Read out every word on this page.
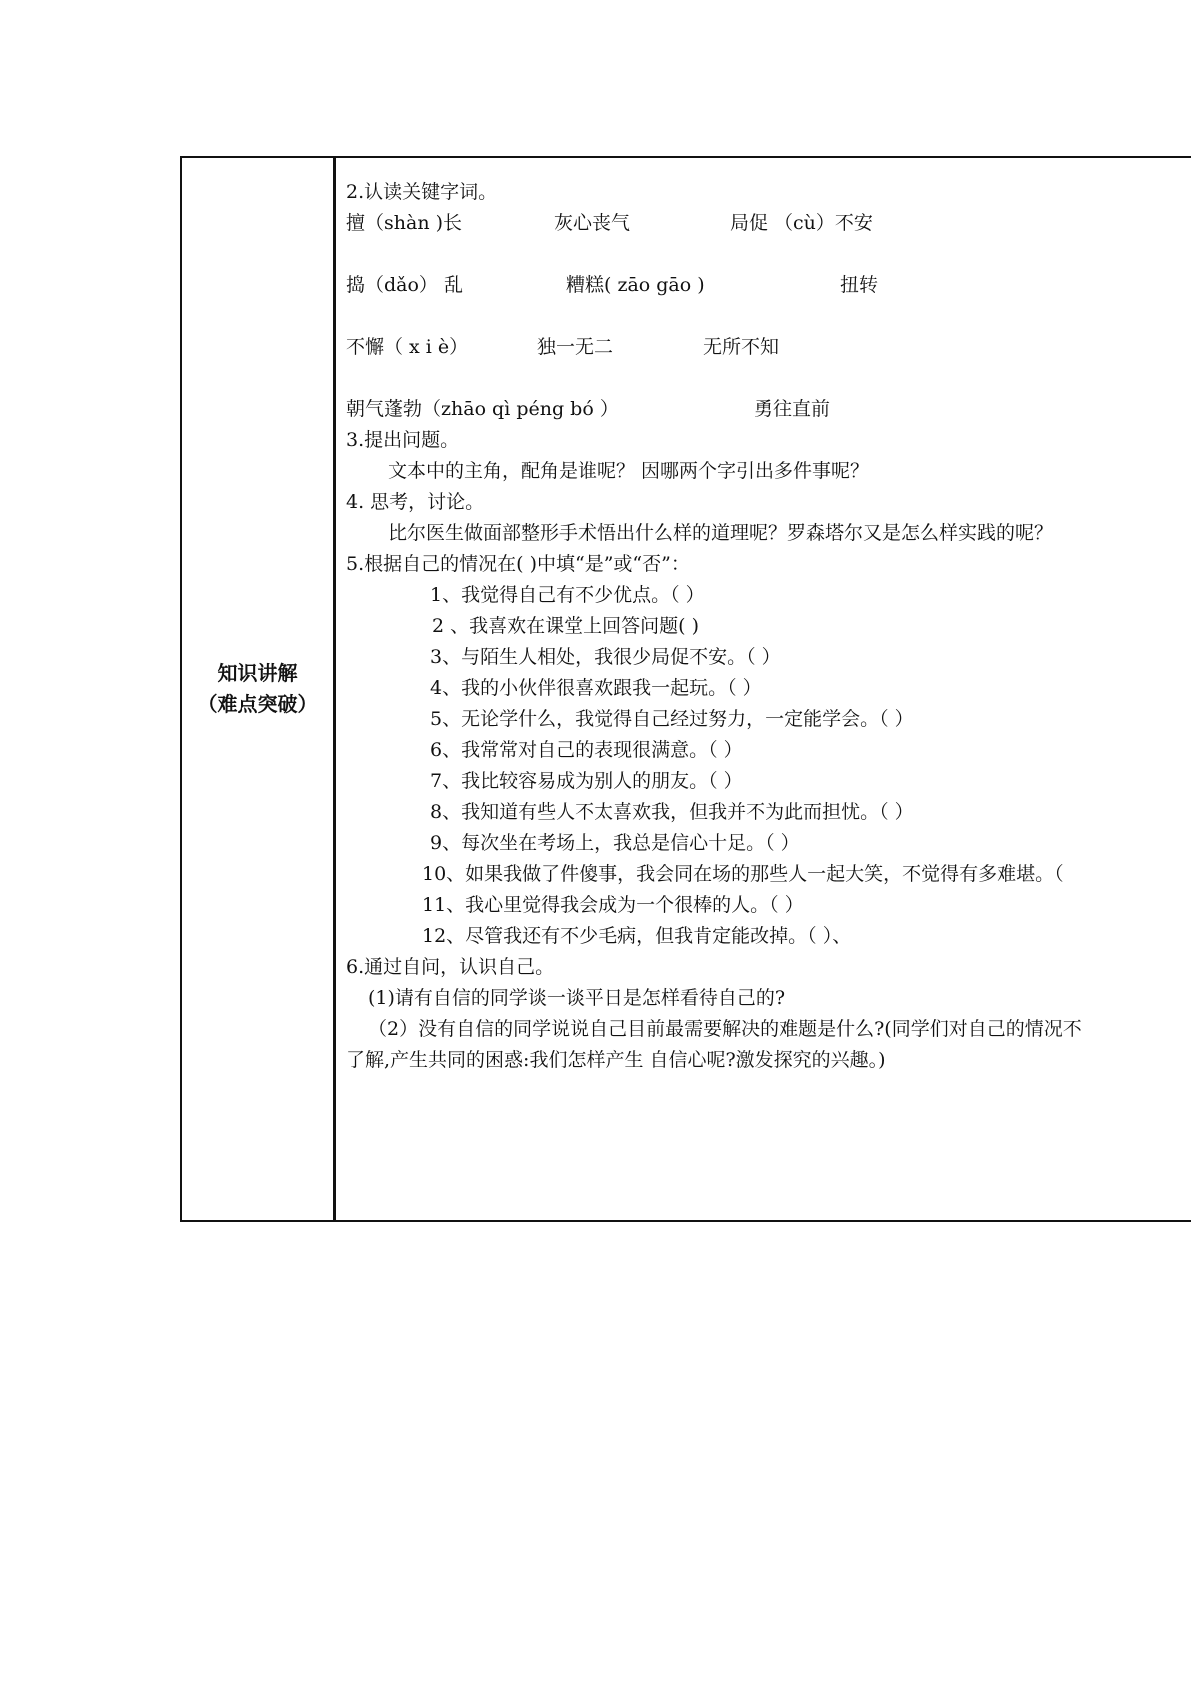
知识讲解
（难点突破）
2.认读关键字词。
擅（shàn )长	灰心丧气	局促 （cù）不安
捣（dǎo） 乱	糟糕( zāo gāo )	扭转
不懈（ x i è）	独一无二	无所不知
朝气蓬勃（zhāo qì péng bó ）	勇往直前
3.提出问题。
文本中的主角，配角是谁呢？ 因哪两个字引出多件事呢？
4. 思考，讨论。
比尔医生做面部整形手术悟出什么样的道理呢？罗森塔尔又是怎么样实践的呢？
5.根据自己的情况在( )中填“是”或“否”：
1、我觉得自己有不少优点。（ ）
2 、我喜欢在课堂上回答问题( )
3、与陌生人相处，我很少局促不安。（ ）
4、我的小伙伴很喜欢跟我一起玩。（ ）
5、无论学什么，我觉得自己经过努力，一定能学会。（ ）
6、我常常对自己的表现很满意。（ ）
7、我比较容易成为别人的朋友。（ ）
8、我知道有些人不太喜欢我，但我并不为此而担忧。（ ）
9、每次坐在考场上，我总是信心十足。（ ）
10、如果我做了件傻事，我会同在场的那些人一起大笑，不觉得有多难堪。（
11、我心里觉得我会成为一个很棒的人。（ ）
12、尽管我还有不少毛病，但我肯定能改掉。（ ）、
6.通过自问，认识自己。
(1)请有自信的同学谈一谈平日是怎样看待自己的?
（2）没有自信的同学说说自己目前最需要解决的难题是什么?(同学们对自己的情况不
了解,产生共同的困惑:我们怎样产生 自信心呢?激发探究的兴趣。)
